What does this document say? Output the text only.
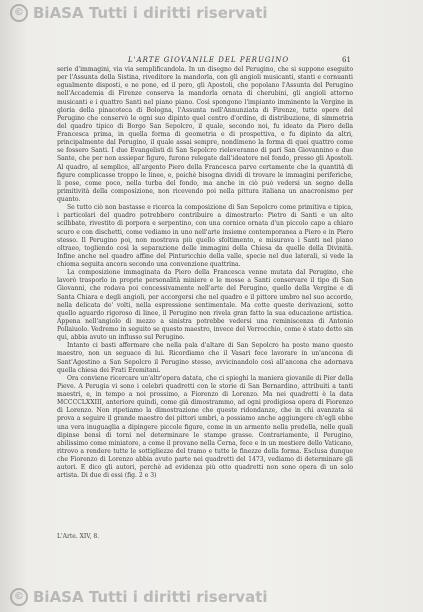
© BiASA Tutti i diritti riservati
L'ARTE GIOVANILE DEL PERUGINO	61

serie d'immagini, via via semplificandola. In un disegno del Perugino, che si suppone eseguito per l'Assunta della Sistina, riveditore la mandorla, con gli angioli musicanti, stanti e cornuanti egualmente disposti, e ne pone, ed il pero, gli Apostoli, che popolano l'Assunta del Perugino nell'Accademia di Firenze conserva la mandorla ornata di cherubini, gli angioli attorno musicanti e i quattro Santi nel piano piano. Così spongono l'impianto imminente la Vergine in gloria della pinacoteca di Bologna, l'Assunta nell'Annunziata di Firenze, tutte opere del Perugino che conservò le ogni suo dipinto quel centro d'ordine, di distribuzione, di simmetria del quadro tipico di Borgo San Sepolcro, il quale, secondo noi, fu ideato da Piero della Francesca prima, in quella forma di geometria e di prospettiva, e fu dipinto da altri, principalmente dal Perugino, il quale assai sempre, nondimeno la forma di quei quattro come se fossero Santi. I due Evangelisti di San Sepolcro rieleveranno di pari San Giovannino e due Sante, che per non assiepar figure, furono relegate dall'ideatore nel fondo, presso gli Apostoli. Al quadro, al semplice, all'argento Piero della Francesca parve certamente che la quantità di figure complicasse troppo le linee, e, poichè bisogna dividi di trovare le immagini periferiche, li pose, come poco, nella turba del fondo, ma anche in ciò può vedersi un segno della primitività della composizione, non ricevendo poi nella pittura italiana un anacronismo per quanto.

Se tutto ciò non bastasse e ricerca la composizione di San Sepolcro come primitiva e tipica, i particolari del quadro potrebbero contribuire a dimostrarlo: Pietro di Santi e un alto scilbbate, rivestito di porpora e serpentino, con una cornice ornata d'un piccolo capo a chiaro scuro e con dischetti, come vediamo in uno nell'arte insieme contemporanea a Piero e in Piero stesso. Il Perugino poi, non mostrava più quello sfoltimento, e misurava i Santi nel piano oltraeo, togliendo così la separazione delle immagini della Chiesa da quelle della Divinità. Infine anche nel quadro affine del Pinturicchio della valle, specie nel due laterali, si vede la chioma seguita ancora secondo una convenzione quattrina.

La composizione immaginata da Piero della Francesca venne mutata dal Perugino, che lavorò trasporlo in proprie personalità miniere e le mosse a Santi conservare il tipo di San Giovanni, che rodava poi concessivamente nell'arte del Perugino, quello della Vergine e di Santa Chiara e degli angioli, per accorgersi che nel quadro e il pittore umbro nel suo accordo, nella delicata de' volti, nella espressione sentimentale. Ma cotte queste derivazioni, sotto quello aguardo rigoroso di linee, il Perugino non rivela gran fatto la sua educazione artistica. Appena nell'angiolo di mezzo a sinistra potrebbe vedersi una reminiscenza di Antonio Pollaiuolo. Vedremo in seguito se questo maestro, invece del Verrocchio, come è stato detto sin qui, abbia avuto un influsso sul Perugino.

Intanto ci basti affermare che nella pala d'altare di San Sepolcro ha posto mano questo maestro, non un seguace di lui. Ricordiamo che il Vasari fece lavorare in un'ancona di Sant'Agostino a San Sepolcro il Perugino stesso, avvicinandolo così all'ancona che adornava quella chiesa dei Frati Eremitani.

Ora conviene ricercare un'altr'opera datata, che ci spieghi la maniera giovanile di Pier della Pieve. A Perugia vi sono i celebri quadretti con le storie di San Bernardino, attribuiti a tanti maestri, e, in tempo a noi prossimo, a Fiorenzo di Lorenzo. Ma nei quadretti è la data MCCCCLXXIII, anteriore quindi, come già dimostrammo, ad ogni prodigiosa opera di Fiorenzo di Lorenzo. Non ripetiamo la dimostrazione che queste ridondanze, che in chi avanzata si prova a seguire il grande maestro dei pittori umbri, a possiamo anche aggiungere ch'egli ebbe una vera inuguaglia a dipingere piccole figure, come in un armento nella predella, nelle quali dipinse bensì di torni nel determinare le stampe grasse. Contrariamente, il Perugino, abilissimo come miniatore, a come il provano nella Cerna, fece e in un mestiere dello Vaticano, ritrovo a rendere tutte le sottigliezze del tramo e tutte le finezze della forma. Esclusa dunque che Fiorenzo di Lorenzo abbia avuto parte nei quadretti del 1473, vediamo di determinare gli autori. E dico gli autori, perchè ad evidenza più otto quadretti non sono opera di un solo artista. Di due di essi (fig. 2 e 3)

L'Arte. XIV, 8.
© BiASA Tutti i diritti riservati
